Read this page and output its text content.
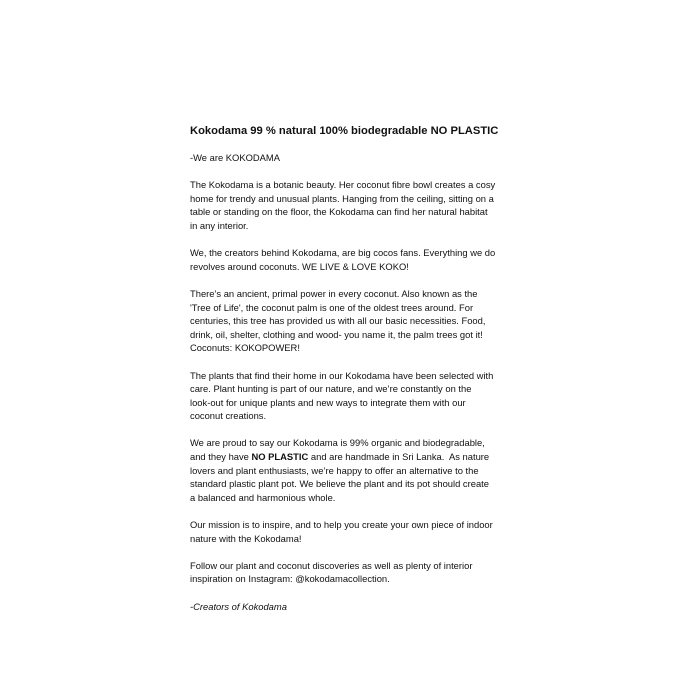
Kokodama 99 % natural 100% biodegradable NO PLASTIC
-We are KOKODAMA
The Kokodama is a botanic beauty. Her coconut fibre bowl creates a cosy
home for trendy and unusual plants. Hanging from the ceiling, sitting on a
table or standing on the floor, the Kokodama can find her natural habitat
in any interior.
We, the creators behind Kokodama, are big cocos fans. Everything we do
revolves around coconuts. WE LIVE & LOVE KOKO!
There’s an ancient, primal power in every coconut. Also known as the
'Tree of Life', the coconut palm is one of the oldest trees around. For
centuries, this tree has provided us with all our basic necessities. Food,
drink, oil, shelter, clothing and wood- you name it, the palm trees got it!
Coconuts: KOKOPOWER!
The plants that find their home in our Kokodama have been selected with
care. Plant hunting is part of our nature, and we’re constantly on the
look-out for unique plants and new ways to integrate them with our
coconut creations.
We are proud to say our Kokodama is 99% organic and biodegradable,
and they have NO PLASTIC and are handmade in Sri Lanka.  As nature
lovers and plant enthusiasts, we’re happy to offer an alternative to the
standard plastic plant pot. We believe the plant and its pot should create
a balanced and harmonious whole.
Our mission is to inspire, and to help you create your own piece of indoor
nature with the Kokodama!
Follow our plant and coconut discoveries as well as plenty of interior
inspiration on Instagram: @kokodamacollection.
-Creators of Kokodama
